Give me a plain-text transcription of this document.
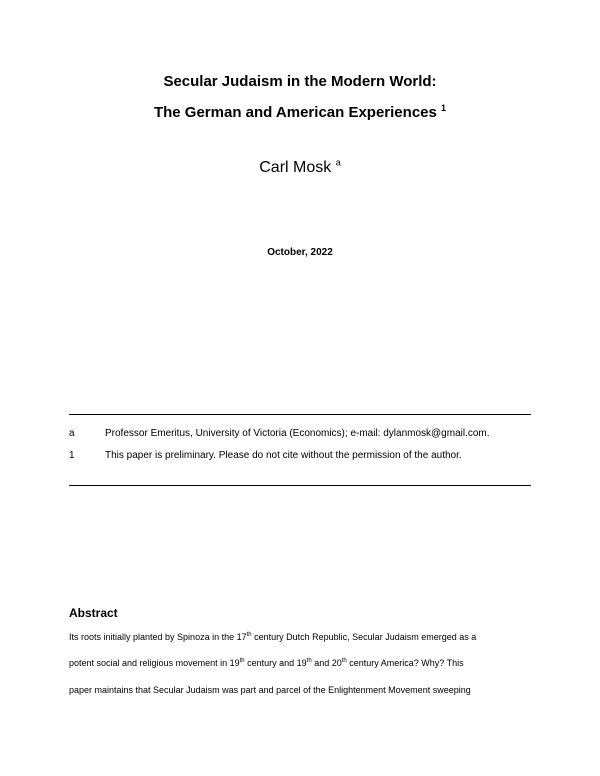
Secular Judaism in the Modern World:
The German and American Experiences $^1$
Carl Mosk $^a$
October, 2022
a	Professor Emeritus, University of Victoria (Economics); e-mail: dylanmosk@gmail.com.
1	This paper is preliminary. Please do not cite without the permission of the author.
Abstract
Its roots initially planted by Spinoza in the 17th century Dutch Republic, Secular Judaism emerged as a
potent social and religious movement in 19th century and 19th and 20th century America? Why? This
paper maintains that Secular Judaism was part and parcel of the Enlightenment Movement sweeping
